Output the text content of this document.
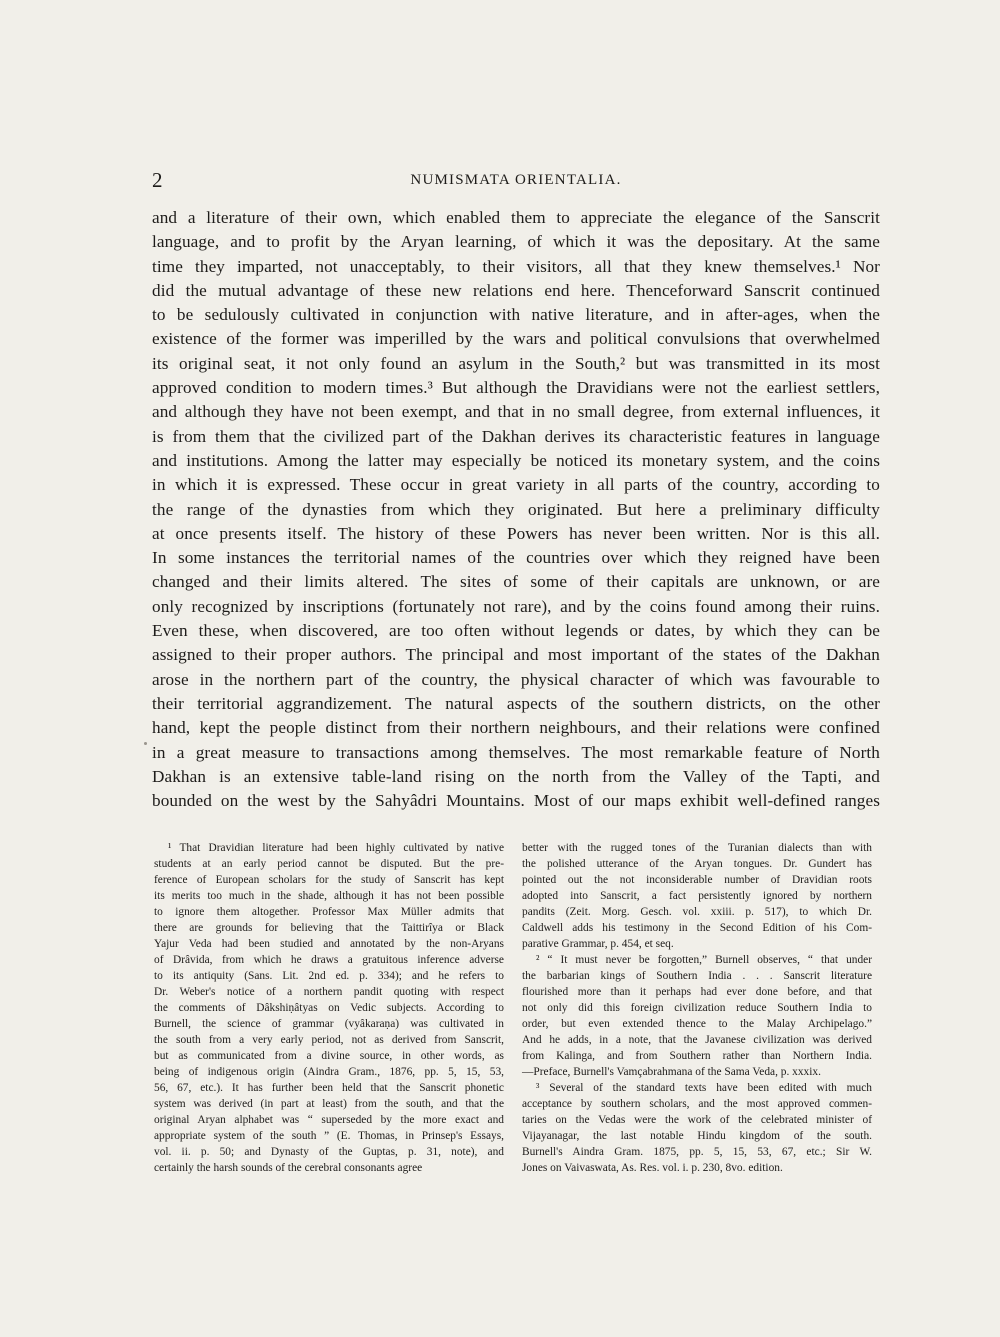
2	NUMISMATA ORIENTALIA.
and a literature of their own, which enabled them to appreciate the elegance of the Sanscrit
language, and to profit by the Aryan learning, of which it was the depositary. At the same
time they imparted, not unacceptably, to their visitors, all that they knew themselves.¹ Nor
did the mutual advantage of these new relations end here. Thenceforward Sanscrit continued
to be sedulously cultivated in conjunction with native literature, and in after-ages, when the
existence of the former was imperilled by the wars and political convulsions that overwhelmed
its original seat, it not only found an asylum in the South,² but was transmitted in its most
approved condition to modern times.³ But although the Dravidians were not the earliest settlers,
and although they have not been exempt, and that in no small degree, from external influences, it
is from them that the civilized part of the Dakhan derives its characteristic features in language
and institutions. Among the latter may especially be noticed its monetary system, and the coins
in which it is expressed. These occur in great variety in all parts of the country, according to
the range of the dynasties from which they originated. But here a preliminary difficulty
at once presents itself. The history of these Powers has never been written. Nor is this all.
In some instances the territorial names of the countries over which they reigned have been
changed and their limits altered. The sites of some of their capitals are unknown, or are
only recognized by inscriptions (fortunately not rare), and by the coins found among their ruins.
Even these, when discovered, are too often without legends or dates, by which they can be
assigned to their proper authors. The principal and most important of the states of the Dakhan
arose in the northern part of the country, the physical character of which was favourable to
their territorial aggrandizement. The natural aspects of the southern districts, on the other
hand, kept the people distinct from their northern neighbours, and their relations were confined
in a great measure to transactions among themselves. The most remarkable feature of North
Dakhan is an extensive table-land rising on the north from the Valley of the Tapti, and
bounded on the west by the Sahyâdri Mountains. Most of our maps exhibit well-defined ranges
¹ That Dravidian literature had been highly cultivated by native
students at an early period cannot be disputed. But the pre-
ference of European scholars for the study of Sanscrit has kept
its merits too much in the shade, although it has not been possible
to ignore them altogether. Professor Max Müller admits that
there are grounds for believing that the Taittirîya or Black
Yajur Veda had been studied and annotated by the non-Aryans
of Drâvida, from which he draws a gratuitous inference adverse
to its antiquity (Sans. Lit. 2nd ed. p. 334); and he refers to
Dr. Weber's notice of a northern pandit quoting with respect
the comments of Dâkshiṇâtyas on Vedic subjects. According to
Burnell, the science of grammar (vyâkaraṇa) was cultivated in
the south from a very early period, not as derived from Sanscrit,
but as communicated from a divine source, in other words, as
being of indigenous origin (Aindra Gram., 1876, pp. 5, 15, 53,
56, 67, etc.). It has further been held that the Sanscrit phonetic
system was derived (in part at least) from the south, and that the
original Aryan alphabet was “ superseded by the more exact and
appropriate system of the south ” (E. Thomas, in Prinsep's Essays,
vol. ii. p. 50; and Dynasty of the Guptas, p. 31, note), and
certainly the harsh sounds of the cerebral consonants agree
better with the rugged tones of the Turanian dialects than with
the polished utterance of the Aryan tongues. Dr. Gundert has
pointed out the not inconsiderable number of Dravidian roots
adopted into Sanscrit, a fact persistently ignored by northern
pandits (Zeit. Morg. Gesch. vol. xxiii. p. 517), to which Dr.
Caldwell adds his testimony in the Second Edition of his Com-
parative Grammar, p. 454, et seq.
² “ It must never be forgotten,” Burnell observes, “ that under
the barbarian kings of Southern India . . . Sanscrit literature
flourished more than it perhaps had ever done before, and that
not only did this foreign civilization reduce Southern India to
order, but even extended thence to the Malay Archipelago.”
And he adds, in a note, that the Javanese civilization was derived
from Kalinga, and from Southern rather than Northern India.
—Preface, Burnell's Vamçabrahmana of the Sama Veda, p. xxxix.
³ Several of the standard texts have been edited with much
acceptance by southern scholars, and the most approved commen-
taries on the Vedas were the work of the celebrated minister of
Vijayanagar, the last notable Hindu kingdom of the south.
Burnell's Aindra Gram. 1875, pp. 5, 15, 53, 67, etc.; Sir W.
Jones on Vaivaswata, As. Res. vol. i. p. 230, 8vo. edition.
